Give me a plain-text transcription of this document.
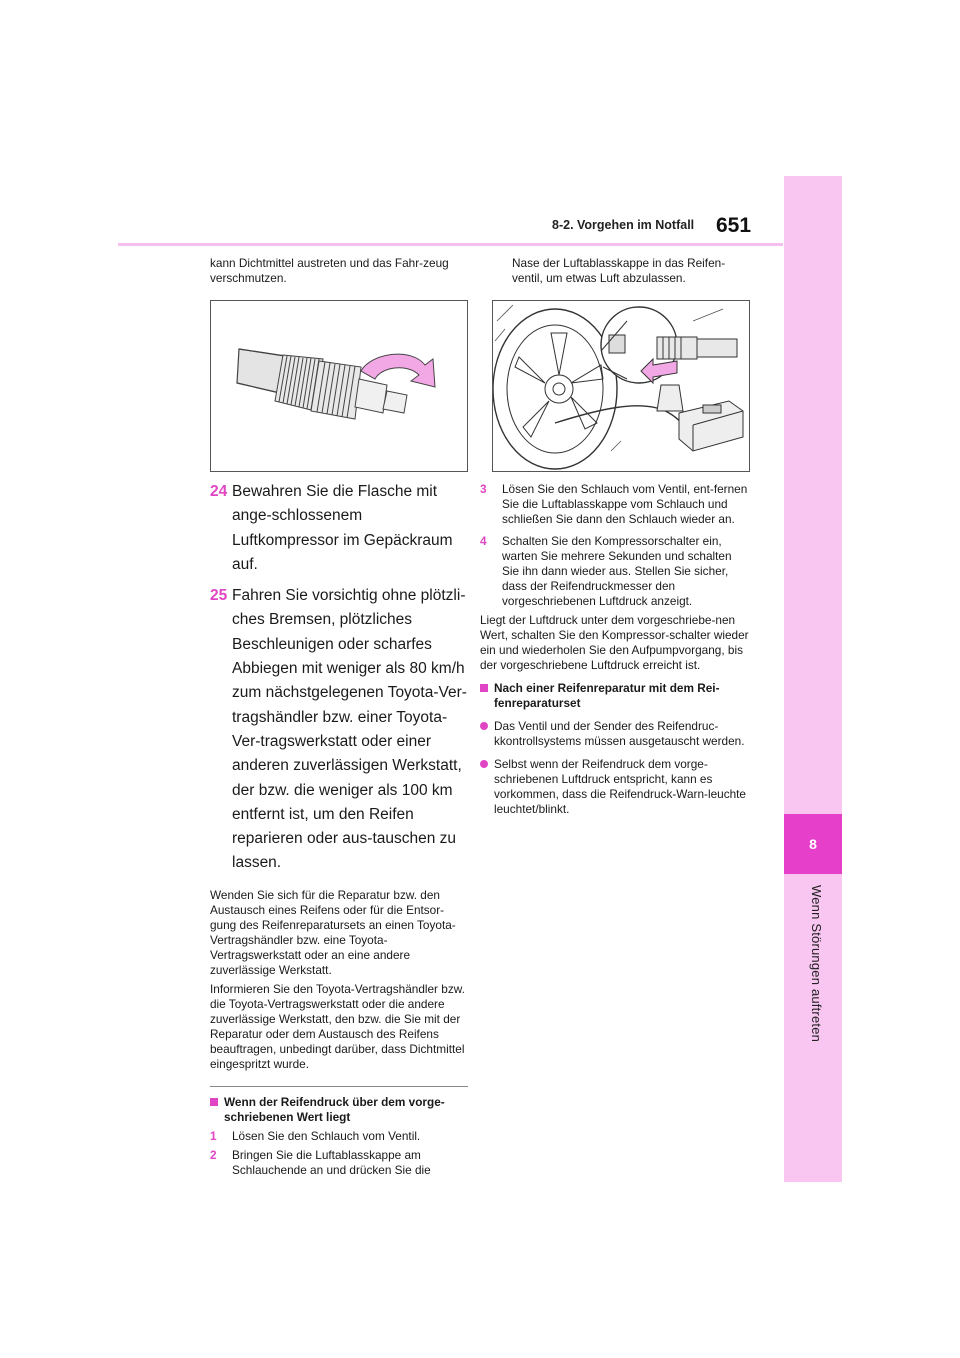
8
Wenn Störungen auftreten
8-2. Vorgehen im Notfall 651

kann Dichtmittel austreten und das Fahr-zeug verschmutzen.

24 Bewahren Sie die Flasche mit ange-schlossenem Luftkompressor im Gepäckraum auf.
25 Fahren Sie vorsichtig ohne plötzli-ches Bremsen, plötzliches Beschleunigen oder scharfes Abbiegen mit weniger als 80 km/h zum nächstgelegenen Toyota-Ver-tragshändler bzw. einer Toyota-Ver-tragswerkstatt oder einer anderen zuverlässigen Werkstatt, der bzw. die weniger als 100 km entfernt ist, um den Reifen reparieren oder aus-tauschen zu lassen.

Wenden Sie sich für die Reparatur bzw. den Austausch eines Reifens oder für die Entsor-gung des Reifenreparatursets an einen Toyota-Vertragshändler bzw. eine Toyota-Vertragswerkstatt oder an eine andere zuverlässige Werkstatt.

Informieren Sie den Toyota-Vertragshändler bzw. die Toyota-Vertragswerkstatt oder die andere zuverlässige Werkstatt, den bzw. die Sie mit der Reparatur oder dem Austausch des Reifens beauftragen, unbedingt darüber, dass Dichtmittel eingespritzt wurde.

Wenn der Reifendruck über dem vorge-schriebenen Wert liegt
1	Lösen Sie den Schlauch vom Ventil.
2	Bringen Sie die Luftablasskappe am Schlauchende an und drücken Sie die

Nase der Luftablasskappe in das Reifen-ventil, um etwas Luft abzulassen.

3	Lösen Sie den Schlauch vom Ventil, ent-fernen Sie die Luftablasskappe vom Schlauch und schließen Sie dann den Schlauch wieder an.
4	Schalten Sie den Kompressorschalter ein, warten Sie mehrere Sekunden und schalten Sie ihn dann wieder aus. Stellen Sie sicher, dass der Reifendruckmesser den vorgeschriebenen Luftdruck anzeigt.

Liegt der Luftdruck unter dem vorgeschriebe-nen Wert, schalten Sie den Kompressor-schalter wieder ein und wiederholen Sie den Aufpumpvorgang, bis der vorgeschriebene Luftdruck erreicht ist.

Nach einer Reifenreparatur mit dem Rei-fenreparaturset
Das Ventil und der Sender des Reifendruc-kkontrollsystems müssen ausgetauscht werden.
Selbst wenn der Reifendruck dem vorge-schriebenen Luftdruck entspricht, kann es vorkommen, dass die Reifendruck-Warn-leuchte leuchtet/blinkt.
